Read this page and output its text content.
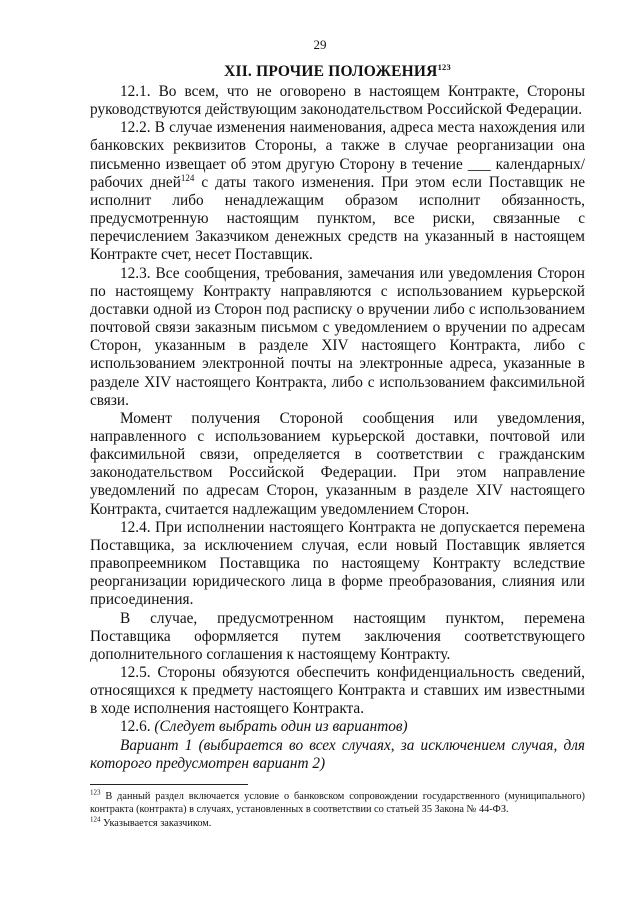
29
XII. ПРОЧИЕ ПОЛОЖЕНИЯ$^{123}$

12.1. Во всем, что не оговорено в настоящем Контракте, Стороны руководствуются действующим законодательством Российской Федерации.

12.2. В случае изменения наименования, адреса места нахождения или банковских реквизитов Стороны, а также в случае реорганизации она письменно извещает об этом другую Сторону в течение ___ календарных/рабочих дней$^{124}$ с даты такого изменения. При этом если Поставщик не исполнит либо ненадлежащим образом исполнит обязанность, предусмотренную настоящим пунктом, все риски, связанные с перечислением Заказчиком денежных средств на указанный в настоящем Контракте счет, несет Поставщик.

12.3. Все сообщения, требования, замечания или уведомления Сторон по настоящему Контракту направляются с использованием курьерской доставки одной из Сторон под расписку о вручении либо с использованием почтовой связи заказным письмом с уведомлением о вручении по адресам Сторон, указанным в разделе XIV настоящего Контракта, либо с использованием электронной почты на электронные адреса, указанные в разделе XIV настоящего Контракта, либо с использованием факсимильной связи.

Момент получения Стороной сообщения или уведомления, направленного с использованием курьерской доставки, почтовой или факсимильной связи, определяется в соответствии с гражданским законодательством Российской Федерации. При этом направление уведомлений по адресам Сторон, указанным в разделе XIV настоящего Контракта, считается надлежащим уведомлением Сторон.

12.4. При исполнении настоящего Контракта не допускается перемена Поставщика, за исключением случая, если новый Поставщик является правопреемником Поставщика по настоящему Контракту вследствие реорганизации юридического лица в форме преобразования, слияния или присоединения.

В случае, предусмотренном настоящим пунктом, перемена Поставщика оформляется путем заключения соответствующего дополнительного соглашения к настоящему Контракту.

12.5. Стороны обязуются обеспечить конфиденциальность сведений, относящихся к предмету настоящего Контракта и ставших им известными в ходе исполнения настоящего Контракта.

12.6. (Следует выбрать один из вариантов)

Вариант 1 (выбирается во всех случаях, за исключением случая, для которого предусмотрен вариант 2)

$^{123}$ В данный раздел включается условие о банковском сопровождении государственного (муниципального) контракта (контракта) в случаях, установленных в соответствии со статьей 35 Закона № 44-ФЗ.

$^{124}$ Указывается заказчиком.
